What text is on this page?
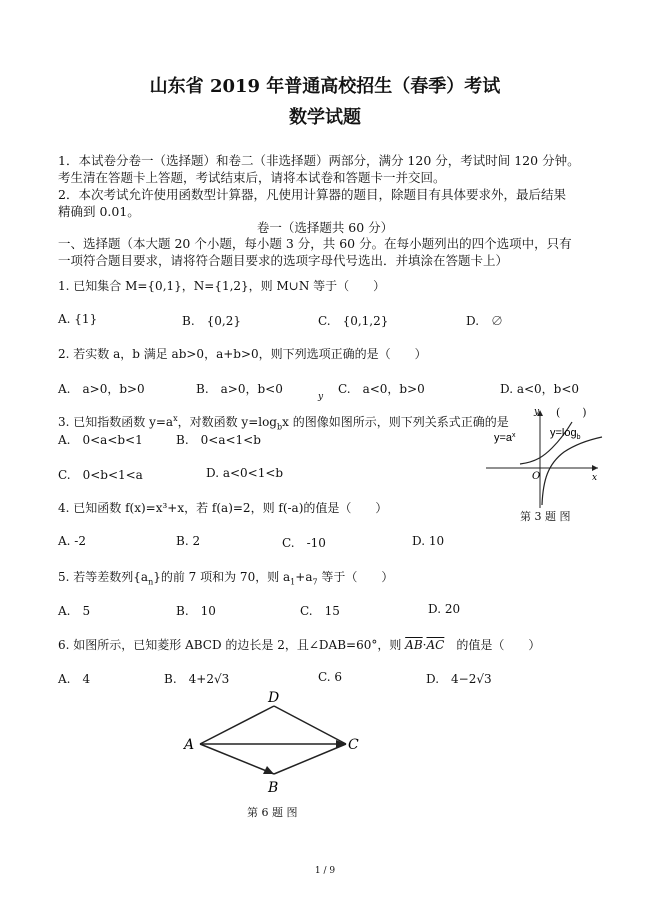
山东省 2019 年普通高校招生（春季）考试
数学试题
1．本试卷分卷一（选择题）和卷二（非选择题）两部分，满分 120 分，考试时间 120 分钟。
考生清在答题卡上答题，考试结束后，请将本试卷和答题卡一并交回。
2．本次考试允许使用函数型计算器，凡使用计算器的题目，除题目有具体要求外，最后结果
精确到 0.01。
卷一（选择题共 60 分）
一、选择题（本大题 20 个小题，每小题 3 分，共 60 分。在每小题列出的四个选项中，只有
一项符合题目要求，请将符合题目要求的选项字母代号选出．并填涂在答题卡上）
1. 已知集合 M={0,1}，N={1,2}，则 M∪N 等于（　　）
A. {1}	B.　{0,2}	C.　{0,1,2}	D.　∅
2. 若实数 a，b 满足 ab>0，a+b>0，则下列选项正确的是（　　）
A.　a>0，b>0	B.　a>0，b<0	C.　a<0，b>0	D. a<0，b<0
y
3. 已知指数函数 $y=a^x$，对数函数 $y=\log_bx$ 的图像如图所示，则下列关系式正确的是
A.　0<a<b<1	B.　0<a<1<b
C.　0<b<1<a	D. a<0<1<b
(　　)
$y=a^x$	$y=\log_b$
y
x
O
第 3 题 图
4. 已知函数 f(x)=x³+x，若 f(a)=2，则 f(-a)的值是（　　）
A. -2	B. 2	C.　-10	D. 10
5. 若等差数列$\{a_n\}$的前 7 项和为 70，则 $a_1+a_7$ 等于（　　）
A.　5	B.　10	C.　15	D. 20
6. 如图所示，已知菱形 ABCD 的边长是 2，且∠DAB=60°，则 $\overline{AB}\cdot\overline{AC}$　的值是（　　）
A.　4	B.　4+2√3	C. 6	D.　4−2√3
D
A	C
B
第 6 题 图
1 / 9
